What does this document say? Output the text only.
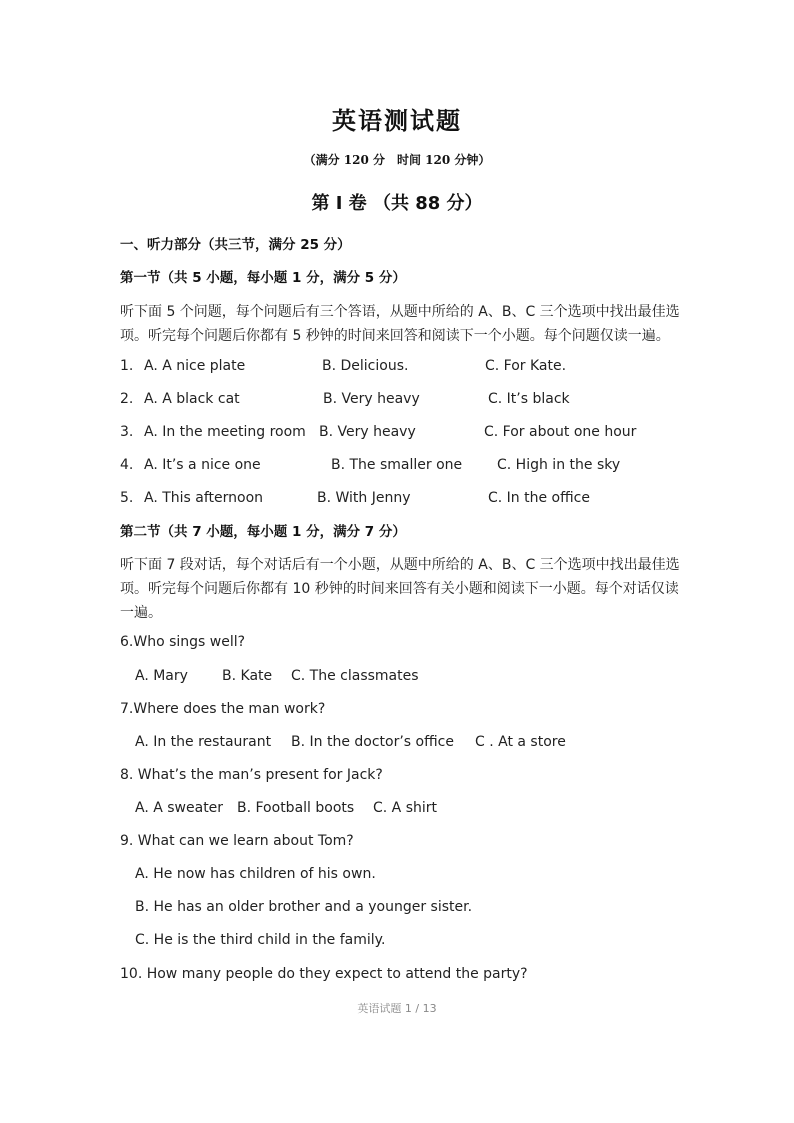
英语测试题
（满分 120 分　时间 120 分钟）
第 I 卷 （共 88 分）
一、听力部分（共三节，满分 25 分）
第一节（共 5 小题，每小题 1 分，满分 5 分）
听下面 5 个问题，每个问题后有三个答语，从题中所给的 A、B、C 三个选项中找出最佳选项。听完每个问题后你都有 5 秒钟的时间来回答和阅读下一个小题。每个问题仅读一遍。
1. A. A nice plate	B. Delicious.	C. For Kate.
2. A. A black cat	B. Very heavy	C. It’s black
3. A. In the meeting room B. Very heavy	C. For about one hour
4. A. It’s a nice one	B. The smaller one C. High in the sky
5. A. This afternoon	B. With Jenny	C. In the office
第二节（共 7 小题，每小题 1 分，满分 7 分）
听下面 7 段对话，每个对话后有一个小题，从题中所给的 A、B、C 三个选项中找出最佳选项。听完每个问题后你都有 10 秒钟的时间来回答有关小题和阅读下一小题。每个对话仅读一遍。
6.Who sings well?
A. Mary B. Kate C. The classmates
7.Where does the man work?
A. In the restaurant B. In the doctor’s office C . At a store
8. What’s the man’s present for Jack?
A. A sweater B. Football boots C. A shirt
9. What can we learn about Tom?
A. He now has children of his own.
B. He has an older brother and a younger sister.
C. He is the third child in the family.
10. How many people do they expect to attend the party?
英语试题 1 / 13
